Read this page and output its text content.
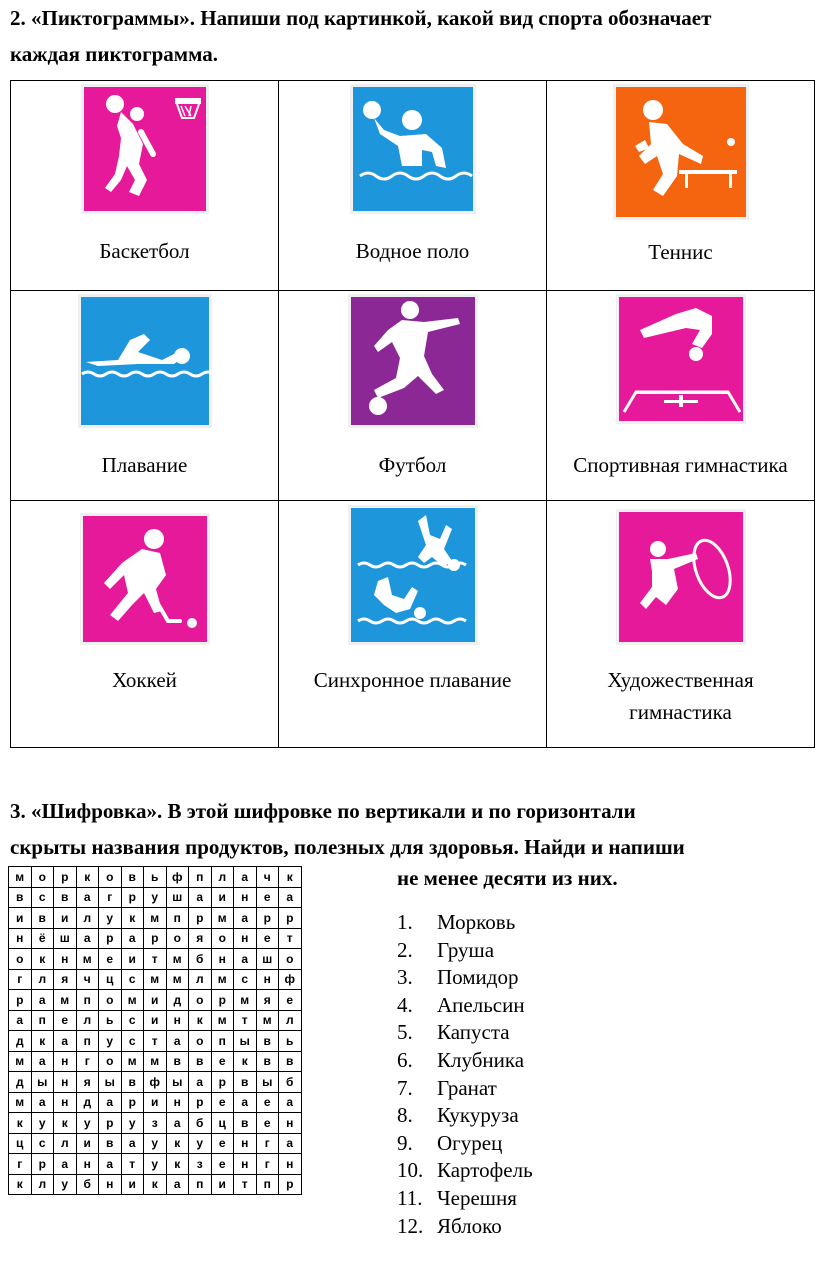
2. «Пиктограммы». Напиши под картинкой, какой вид спорта обозначает
каждая пиктограмма.

Баскетбол	Водное поло	Теннис

Плавание	Футбол	Спортивная гимнастика

Хоккей	Синхронное плавание	Художественная
гимнастика

3. «Шифровка». В этой шифровке по вертикали и по горизонтали
скрыты названия продуктов, полезных для здоровья. Найди и напиши

м	о	р	к	о	в	ь	ф	п	л	а	ч	к
в	с	в	а	г	р	у	ш	а	и	н	е	а
и	в	и	л	у	к	м	п	р	м	а	р	р
н	ё	ш	а	р	а	р	о	я	о	н	е	т
о	к	н	м	е	и	т	м	б	н	а	ш	о
г	л	я	ч	ц	с	м	м	л	м	с	н	ф
р	а	м	п	о	м	и	д	о	р	м	я	е
а	п	е	л	ь	с	и	н	к	м	т	м	л
д	к	а	п	у	с	т	а	о	п	ы	в	ь
м	а	н	г	о	м	м	в	в	е	к	в	в
д	ы	н	я	ы	в	ф	ы	а	р	в	ы	б
м	а	н	д	а	р	и	н	р	е	а	е	а
к	у	к	у	р	у	з	а	б	ц	в	е	н
ц	с	л	и	в	а	у	к	у	е	н	г	а
г	р	а	н	а	т	у	к	з	е	н	г	н
к	л	у	б	н	и	к	а	п	и	т	п	р

не менее десяти из них.

1.	Морковь
2.	Груша
3.	Помидор
4.	Апельсин
5.	Капуста
6.	Клубника
7.	Гранат
8.	Кукуруза
9.	Огурец
10. Картофель
11. Черешня
12. Яблоко
